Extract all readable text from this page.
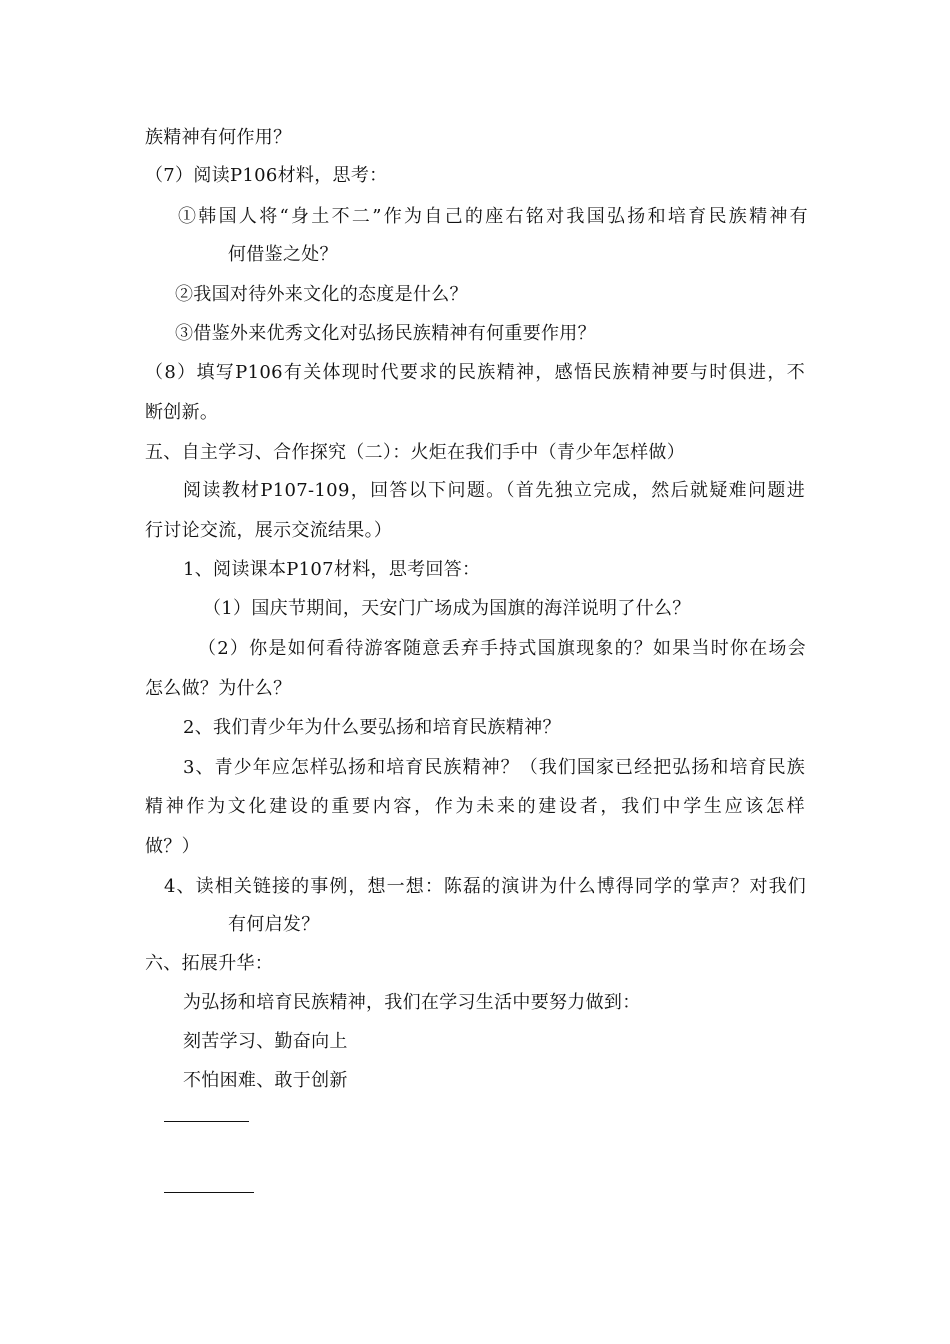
族精神有何作用？
（7）阅读P106材料，思考：
①韩国人将“身土不二”作为自己的座右铭对我国弘扬和培育民族精神有
何借鉴之处？
②我国对待外来文化的态度是什么？
③借鉴外来优秀文化对弘扬民族精神有何重要作用？
（8）填写P106有关体现时代要求的民族精神，感悟民族精神要与时俱进，不
断创新。
五、自主学习、合作探究（二）：火炬在我们手中（青少年怎样做）
阅读教材P107-109，回答以下问题。（首先独立完成，然后就疑难问题进
行讨论交流，展示交流结果。）
1、阅读课本P107材料，思考回答：
（1）国庆节期间，天安门广场成为国旗的海洋说明了什么？
（2）你是如何看待游客随意丢弃手持式国旗现象的？如果当时你在场会
怎么做？为什么？
2、我们青少年为什么要弘扬和培育民族精神？
3、青少年应怎样弘扬和培育民族精神？（我们国家已经把弘扬和培育民族
精神作为文化建设的重要内容，作为未来的建设者，我们中学生应该怎样
做？）
4、读相关链接的事例，想一想：陈磊的演讲为什么博得同学的掌声？对我们
有何启发？
六、拓展升华：
为弘扬和培育民族精神，我们在学习生活中要努力做到：
刻苦学习、勤奋向上
不怕困难、敢于创新
